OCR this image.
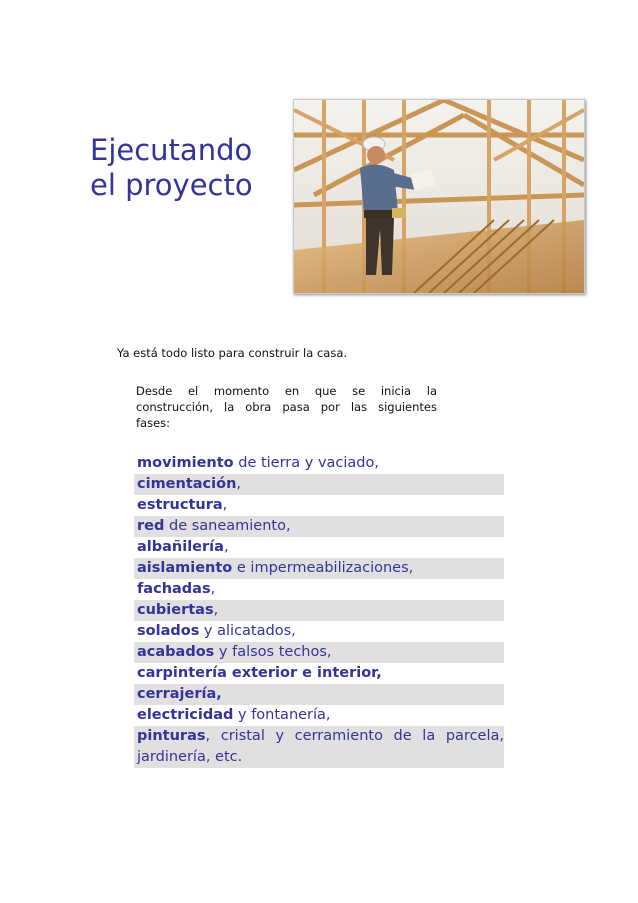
Ejecutando
el proyecto

Ya está todo listo para construir la casa.

Desde el momento en que se inicia la construcción, la obra pasa por las siguientes fases:

movimiento de tierra y vaciado,
cimentación,
estructura,
red de saneamiento,
albañilería,
aislamiento e impermeabilizaciones,
fachadas,
cubiertas,
solados y alicatados,
acabados y falsos techos,
carpintería exterior e interior,
cerrajería,
electricidad y fontanería,
pinturas, cristal y cerramiento de la parcela, jardinería, etc.
